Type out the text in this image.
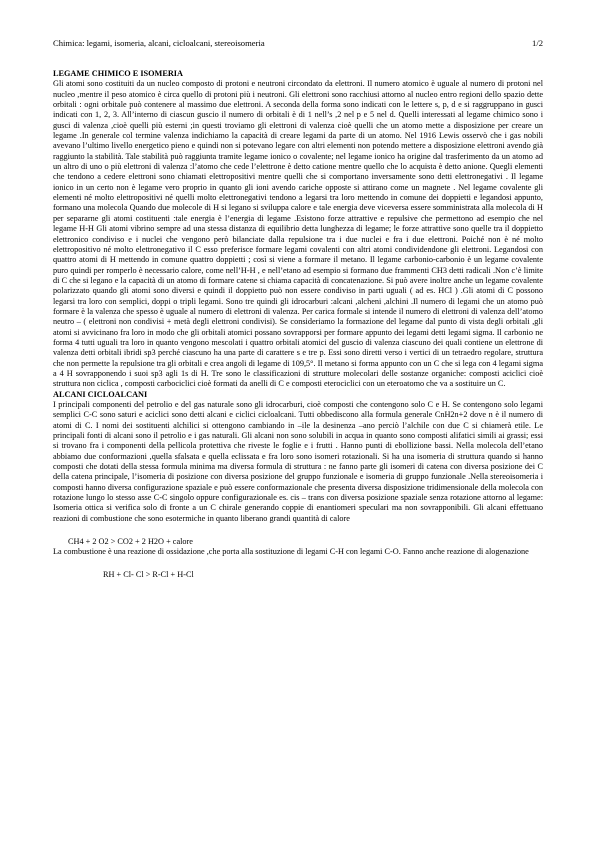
Chimica: legami, isomeria, alcani, cicloalcani, stereoisomeria	1/2
LEGAME CHIMICO E ISOMERIA

Gli atomi sono costituiti da un nucleo composto di protoni e neutroni circondato da elettroni. Il numero atomico è uguale al numero di protoni nel nucleo ,mentre il peso atomico è circa quello di protoni più i neutroni. Gli elettroni sono racchiusi attorno al nucleo entro regioni dello spazio dette orbitali : ogni orbitale può contenere al massimo due elettroni. A seconda della forma sono indicati con le lettere s, p, d e si raggruppano in gusci indicati con 1, 2, 3. All’interno di ciascun guscio il numero di orbitali è di 1 nell’s ,2 nel p e 5 nel d. Quelli interessati al legame chimico sono i gusci di valenza ,cioè quelli più esterni ;in questi troviamo gli elettroni di valenza cioè quelli che un atomo mette a disposizione per creare un legame .In generale col termine valenza indichiamo la capacità di creare legami da parte di un atomo. Nel 1916 Lewis osservò che i gas nobili avevano l’ultimo livello energetico pieno e quindi non si potevano legare con altri elementi non potendo mettere a disposizione elettroni avendo già raggiunto la stabilità. Tale stabilità può raggiunta tramite legame ionico o covalente; nel legame ionico ha origine dal trasferimento da un atomo ad un altro di uno o più elettroni di valenza :l’atomo che cede l’elettrone è detto catione mentre quello che lo acquista è detto anione. Quegli elementi che tendono a cedere elettroni sono chiamati elettropositivi mentre quelli che si comportano inversamente sono detti elettronegativi . Il legame ionico in un certo non è legame vero proprio in quanto gli ioni avendo cariche opposte si attirano come un magnete . Nel legame covalente gli elementi né molto elettropositivi né quelli molto elettronegativi tendono a legarsi tra loro mettendo in comune dei doppietti e legandosi appunto, formano una molecola Quando due molecole di H si legano si sviluppa calore e tale energia deve viceversa essere somministrata alla molecola di H per separarne gli atomi costituenti :tale energia è l’energia di legame .Esistono forze attrattive e repulsive che permettono ad esempio che nel legame H-H Gli atomi vibrino sempre ad una stessa distanza di equilibrio detta lunghezza di legame; le forze attrattive sono quelle tra il doppietto elettronico condiviso e i nuclei che vengono però bilanciate dalla repulsione tra i due nuclei e fra i due elettroni. Poiché non è né molto elettropositivo né molto elettronegativo il C esso preferisce formare legami covalenti con altri atomi condividendone gli elettroni. Legandosi con quattro atomi di H mettendo in comune quattro doppietti ; così si viene a formare il metano. Il legame carbonio-carbonio è un legame covalente puro quindi per romperlo è necessario calore, come nell’H-H , e nell’etano ad esempio si formano due frammenti CH3 detti radicali .Non c’è limite di C che si legano e la capacità di un atomo di formare catene si chiama capacità di concatenazione. Si può avere inoltre anche un legame covalente polarizzato quando gli atomi sono diversi e quindi il doppietto può non essere condiviso in parti uguali ( ad es. HCl ) .Gli atomi di C possono legarsi tra loro con semplici, doppi o tripli legami. Sono tre quindi gli idrocarburi :alcani ,alcheni ,alchini .Il numero di legami che un atomo può formare è la valenza che spesso è uguale al numero di elettroni di valenza. Per carica formale si intende il numero di elettroni di valenza dell’atomo neutro – ( elettroni non condivisi + metà degli elettroni condivisi). Se consideriamo la formazione del legame dal punto di vista degli orbitali ,gli atomi si avvicinano fra loro in modo che gli orbitali atomici possano sovrapporsi per formare appunto dei legami detti legami sigma. Il carbonio ne forma 4 tutti uguali tra loro in quanto vengono mescolati i quattro orbitali atomici del guscio di valenza ciascuno dei quali contiene un elettrone di valenza detti orbitali ibridi sp3 perché ciascuno ha una parte di carattere s e tre p. Essi sono diretti verso i vertici di un tetraedro regolare, struttura che non permette la repulsione tra gli orbitali e crea angoli di legame di 109,5°. Il metano si forma appunto con un C che si lega con 4 legami sigma a 4 H sovrapponendo i suoi sp3 agli 1s di H. Tre sono le classificazioni di strutture molecolari delle sostanze organiche: composti aciclici cioè struttura non ciclica , composti carbociclici cioè formati da anelli di C e composti eterociclici con un eteroatomo che va a sostituire un C.

ALCANI CICLOALCANI

I principali componenti del petrolio e del gas naturale sono gli idrocarburi, cioè composti che contengono solo C e H. Se contengono solo legami semplici C-C sono saturi e aciclici sono detti alcani e ciclici cicloalcani. Tutti obbediscono alla formula generale CnH2n+2 dove n è il numero di atomi di C. I nomi dei sostituenti alchilici si ottengono cambiando in –ile la desinenza –ano perciò l’alchile con due C si chiamerà etile. Le principali fonti di alcani sono il petrolio e i gas naturali. Gli alcani non sono solubili in acqua in quanto sono composti alifatici simili ai grassi; essi si trovano fra i componenti della pellicola protettiva che riveste le foglie e i frutti . Hanno punti di ebollizione bassi. Nella molecola dell’etano abbiamo due conformazioni ,quella sfalsata e quella eclissata e fra loro sono isomeri rotazionali. Si ha una isomeria di struttura quando si hanno composti che dotati della stessa formula minima ma diversa formula di struttura : ne fanno parte gli isomeri di catena con diversa posizione dei C della catena principale, l’isomeria di posizione con diversa posizione del gruppo funzionale e isomeria di gruppo funzionale .Nella stereoisomeria i composti hanno diversa configurazione spaziale e può essere conformazionale che presenta diversa disposizione tridimensionale della molecola con rotazione lungo lo stesso asse C-C singolo oppure configurazionale es. cis – trans con diversa posizione spaziale senza rotazione attorno al legame: Isomeria ottica si verifica solo di fronte a un C chirale generando coppie di enantiomeri speculari ma non sovrapponibili. Gli alcani effettuano reazioni di combustione che sono esotermiche in quanto liberano grandi quantità di calore

CH4 + 2 O2 > CO2 + 2 H2O + calore

La combustione è una reazione di ossidazione ,che porta alla sostituzione di legami C-H con legami C-O. Fanno anche reazione di alogenazione

RH + Cl- Cl > R-Cl + H-Cl
